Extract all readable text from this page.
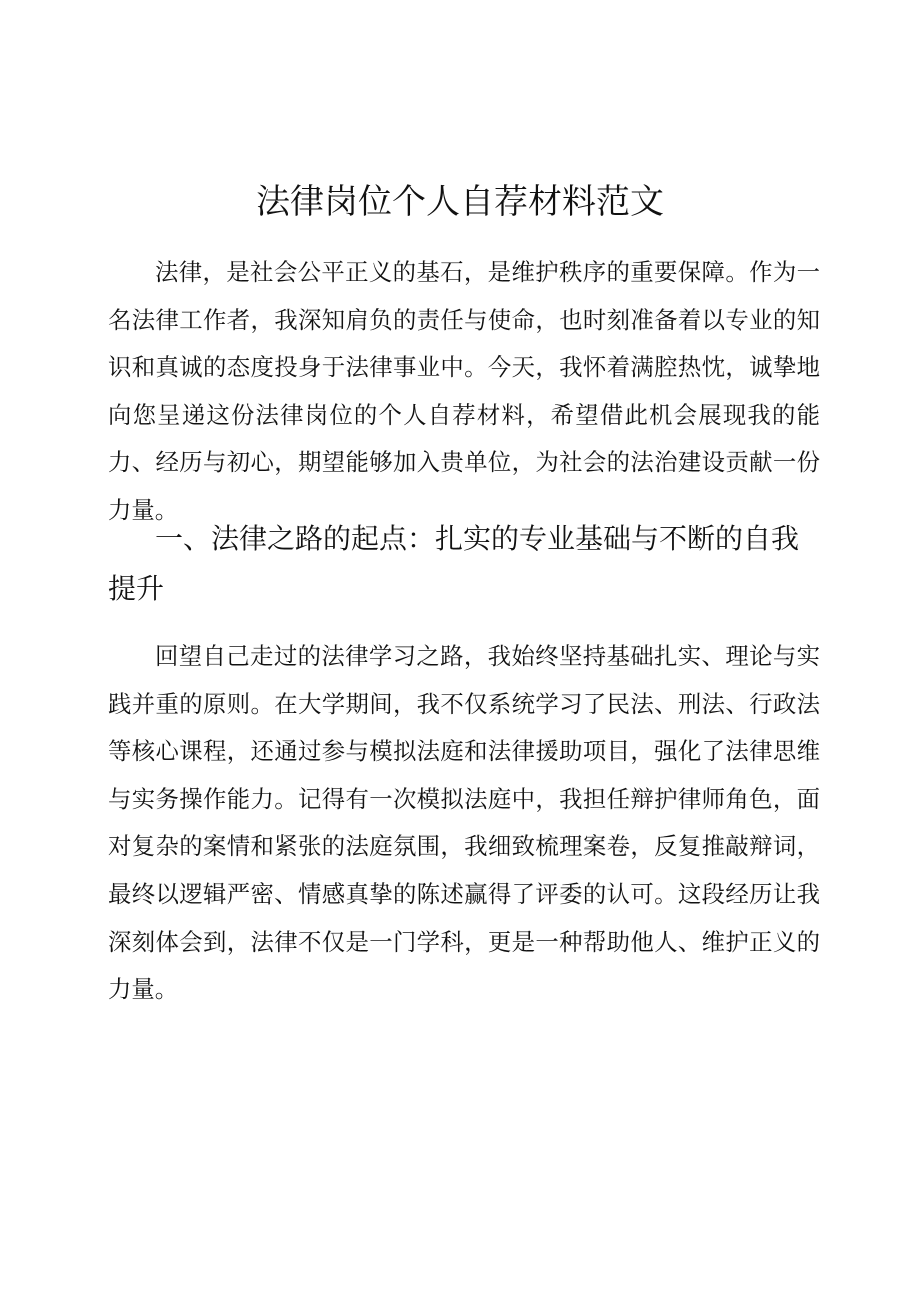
法律岗位个人自荐材料范文

法律，是社会公平正义的基石，是维护秩序的重要保障。作为一名法律工作者，我深知肩负的责任与使命，也时刻准备着以专业的知识和真诚的态度投身于法律事业中。今天，我怀着满腔热忱，诚挚地向您呈递这份法律岗位的个人自荐材料，希望借此机会展现我的能力、经历与初心，期望能够加入贵单位，为社会的法治建设贡献一份力量。

一、法律之路的起点：扎实的专业基础与不断的自我提升

回望自己走过的法律学习之路，我始终坚持基础扎实、理论与实践并重的原则。在大学期间，我不仅系统学习了民法、刑法、行政法等核心课程，还通过参与模拟法庭和法律援助项目，强化了法律思维与实务操作能力。记得有一次模拟法庭中，我担任辩护律师角色，面对复杂的案情和紧张的法庭氛围，我细致梳理案卷，反复推敲辩词，最终以逻辑严密、情感真挚的陈述赢得了评委的认可。这段经历让我深刻体会到，法律不仅是一门学科，更是一种帮助他人、维护正义的力量。
